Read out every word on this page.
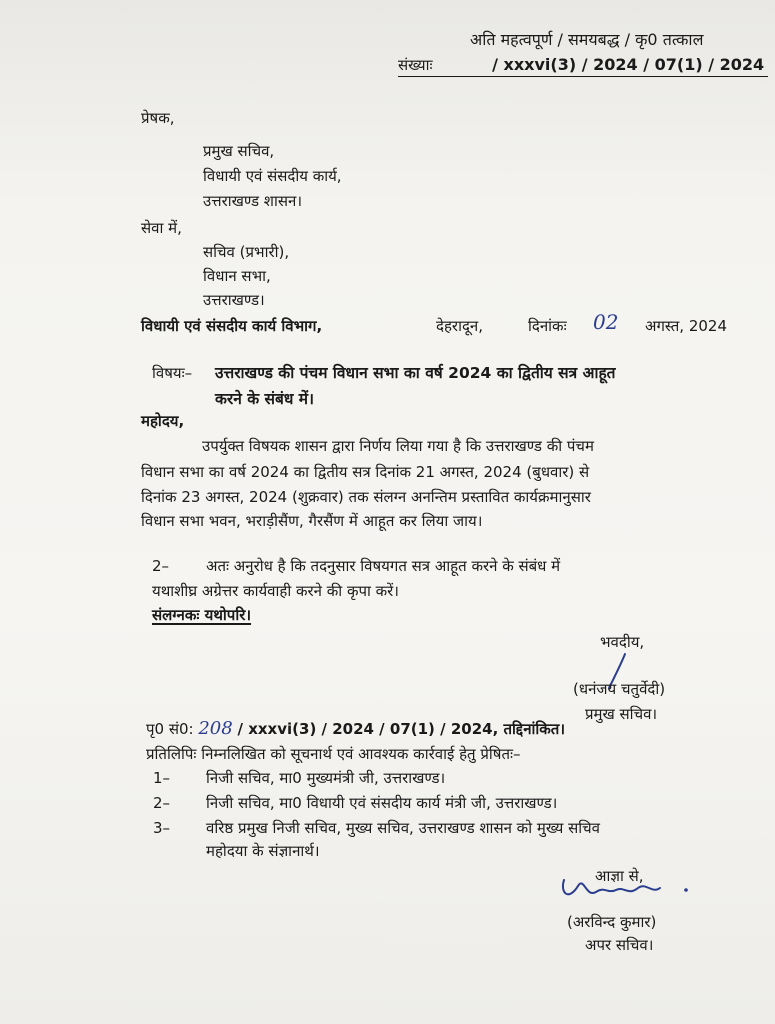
अति महत्वपूर्ण / समयबद्ध / कृ0 तत्काल
संख्याः	/ xxxvi(3) / 2024 / 07(1) / 2024
प्रेषक,
प्रमुख सचिव,
विधायी एवं संसदीय कार्य,
उत्तराखण्ड शासन।
सेवा में,
सचिव (प्रभारी),
विधान सभा,
उत्तराखण्ड।
विधायी एवं संसदीय कार्य विभाग,	देहरादून,	दिनांकः 02 अगस्त, 2024
विषयः– उत्तराखण्ड की पंचम विधान सभा का वर्ष 2024 का द्वितीय सत्र आहूत
करने के संबंध में।
महोदय,
उपर्युक्त विषयक शासन द्वारा निर्णय लिया गया है कि उत्तराखण्ड की पंचम
विधान सभा का वर्ष 2024 का द्वितीय सत्र दिनांक 21 अगस्त, 2024 (बुधवार) से
दिनांक 23 अगस्त, 2024 (शुक्रवार) तक संलग्न अनन्तिम प्रस्तावित कार्यक्रमानुसार
विधान सभा भवन, भराड़ीसैंण, गैरसैंण में आहूत कर लिया जाय।
2– अतः अनुरोध है कि तदनुसार विषयगत सत्र आहूत करने के संबंध में
यथाशीघ्र अग्रेत्तर कार्यवाही करने की कृपा करें।
संलग्नकः यथोपरि।
भवदीय,
(धनंजय चतुर्वेदी)
प्रमुख सचिव।
पृ0 सं0: 208 / xxxvi(3) / 2024 / 07(1) / 2024, तद्दिनांकित।
प्रतिलिपिः निम्नलिखित को सूचनार्थ एवं आवश्यक कार्रवाई हेतु प्रेषितः–
1– निजी सचिव, मा0 मुख्यमंत्री जी, उत्तराखण्ड।
2– निजी सचिव, मा0 विधायी एवं संसदीय कार्य मंत्री जी, उत्तराखण्ड।
3– वरिष्ठ प्रमुख निजी सचिव, मुख्य सचिव, उत्तराखण्ड शासन को मुख्य सचिव
महोदया के संज्ञानार्थ।
आज्ञा से,
(अरविन्द कुमार)
अपर सचिव।
